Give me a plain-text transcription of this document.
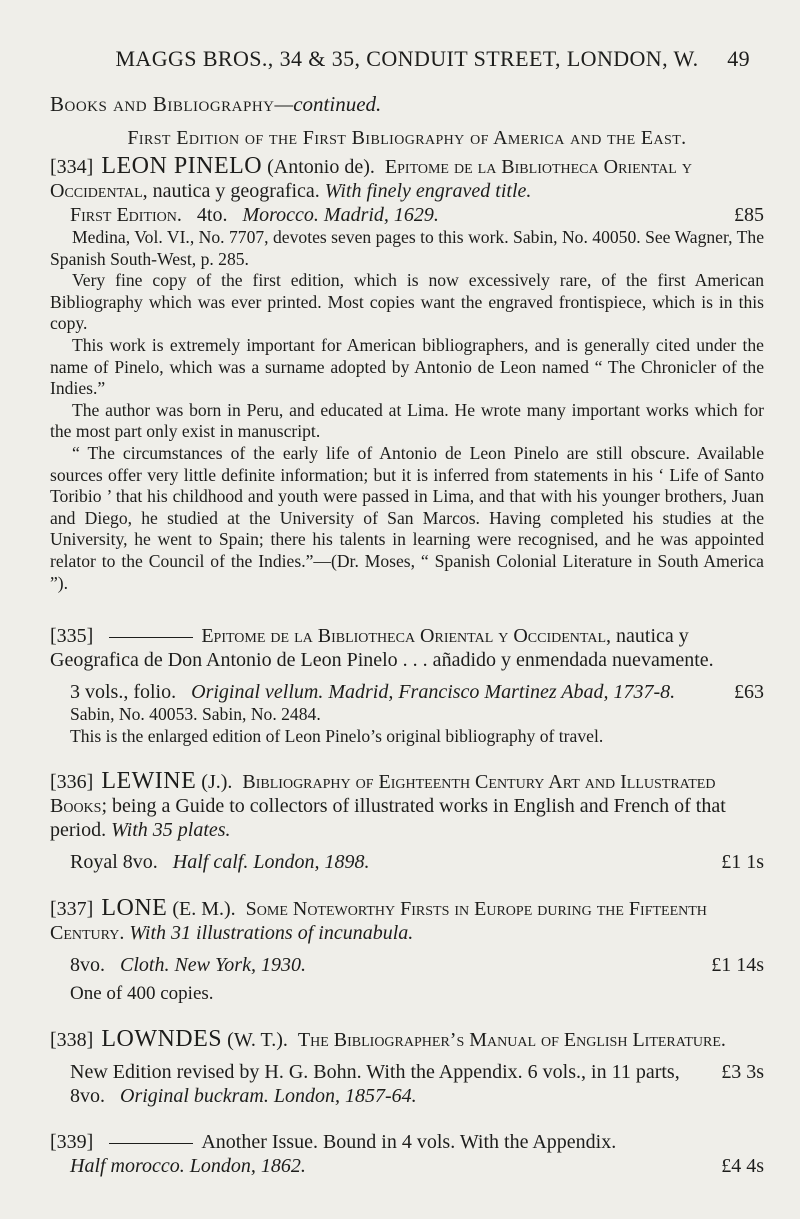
MAGGS BROS., 34 & 35, CONDUIT STREET, LONDON, W. 49
Books and Bibliography—continued.
First Edition of the First Bibliography of America and the East.

[334] LEON PINELO (Antonio de). Epitome de la Bibliotheca Oriental y Occidental, nautica y geografica. With finely engraved title.

First Edition. 4to. Morocco. Madrid, 1629.	£85

Medina, Vol. VI., No. 7707, devotes seven pages to this work. Sabin, No. 40050. See Wagner, The Spanish South-West, p. 285.

Very fine copy of the first edition, which is now excessively rare, of the first American Bibliography which was ever printed. Most copies want the engraved frontispiece, which is in this copy.

This work is extremely important for American bibliographers, and is generally cited under the name of Pinelo, which was a surname adopted by Antonio de Leon named “ The Chronicler of the Indies.”

The author was born in Peru, and educated at Lima. He wrote many important works which for the most part only exist in manuscript.

“ The circumstances of the early life of Antonio de Leon Pinelo are still obscure. Available sources offer very little definite information; but it is inferred from statements in his ‘ Life of Santo Toribio ’ that his childhood and youth were passed in Lima, and that with his younger brothers, Juan and Diego, he studied at the University of San Marcos. Having completed his studies at the University, he went to Spain; there his talents in learning were recognised, and he was appointed relator to the Council of the Indies.”—(Dr. Moses, “ Spanish Colonial Literature in South America ”).

[335]	Epitome de la Bibliotheca Oriental y Occidental, nautica y Geografica de Don Antonio de Leon Pinelo . . . añadido y enmendada nuevamente.

3 vols., folio. Original vellum. Madrid, Francisco Martinez Abad, 1737-8.	£63

Sabin, No. 40053. Sabin, No. 2484.

This is the enlarged edition of Leon Pinelo’s original bibliography of travel.

[336] LEWINE (J.). Bibliography of Eighteenth Century Art and Illustrated Books; being a Guide to collectors of illustrated works in English and French of that period. With 35 plates.

Royal 8vo. Half calf. London, 1898.	£1 1s

[337] LONE (E. M.). Some Noteworthy Firsts in Europe during the Fifteenth Century. With 31 illustrations of incunabula.

8vo. Cloth. New York, 1930.	£1 14s

One of 400 copies.

[338] LOWNDES (W. T.). The Bibliographer’s Manual of English Literature.

New Edition revised by H. G. Bohn. With the Appendix. 6 vols., in 11 parts, 8vo. Original buckram. London, 1857-64.
£3 3s

[339]	Another Issue. Bound in 4 vols. With the Appendix.

Half morocco. London, 1862.	£4 4s
